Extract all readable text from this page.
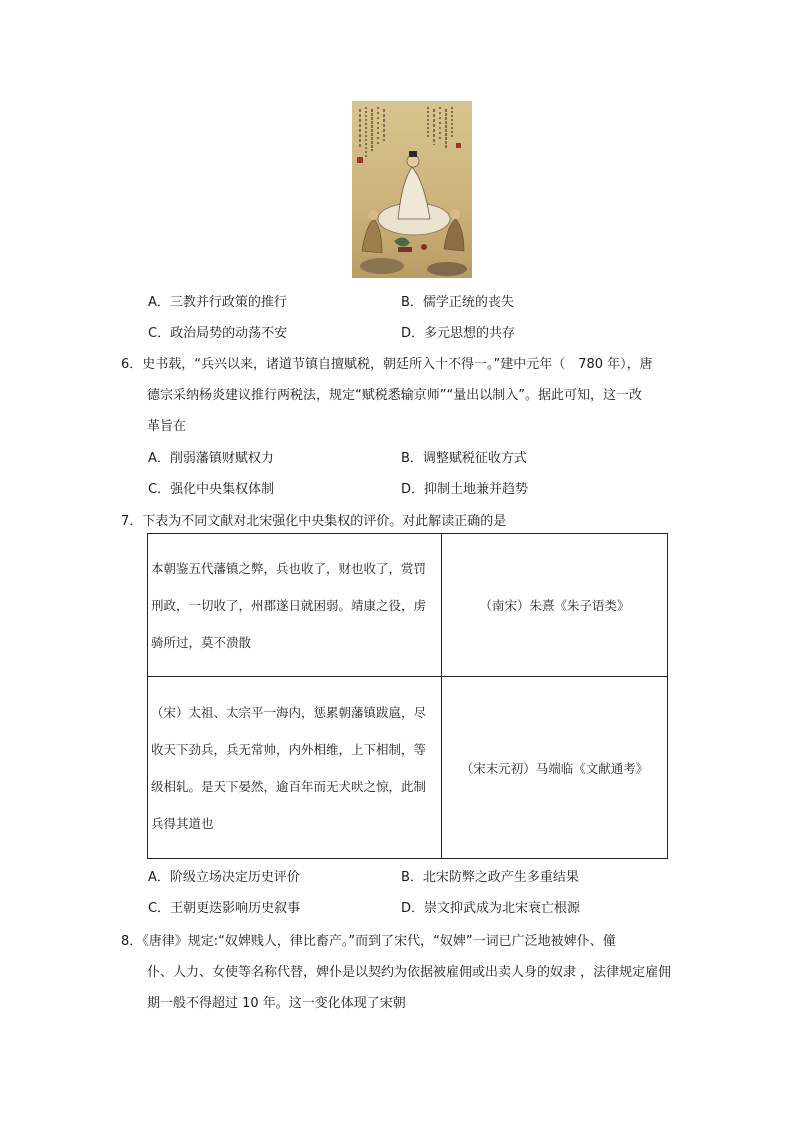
A．三教并行政策的推行	B．儒学正统的丧失
C．政治局势的动荡不安	D．多元思想的共存
6．史书载，“兵兴以来，诸道节镇自擅赋税，朝廷所入十不得一。”建中元年（　780 年），唐
德宗采纳杨炎建议推行两税法，规定“赋税悉输京师”“量出以制入”。据此可知，这一改
革旨在
A．削弱藩镇财赋权力	B．调整赋税征收方式
C．强化中央集权体制	D．抑制土地兼并趋势
7．下表为不同文献对北宋强化中央集权的评价。对此解读正确的是
本朝鉴五代藩镇之弊，兵也收了，财也收了，赏罚
刑政，一切收了，州郡遂日就困弱。靖康之役，虏
骑所过，莫不溃散	（南宋）朱熹《朱子语类》

（宋）太祖、太宗平一海内，惩累朝藩镇跋扈，尽
收天下劲兵，兵无常帅，内外相维，上下相制，等
级相轧。是天下晏然，逾百年而无犬吠之惊，此制
兵得其道也	（宋末元初）马端临《文献通考》
A．阶级立场决定历史评价	B．北宋防弊之政产生多重结果
C．王朝更迭影响历史叙事	D．崇文抑武成为北宋衰亡根源
8．《唐律》规定:“奴婢贱人，律比畜产。”而到了宋代，“奴婢”一词已广泛地被婢仆、僮
仆、人力、女使等名称代替，婢仆是以契约为依据被雇佣或出卖人身的奴隶 ，法律规定雇佣
期一般不得超过 10 年。这一变化体现了宋朝
